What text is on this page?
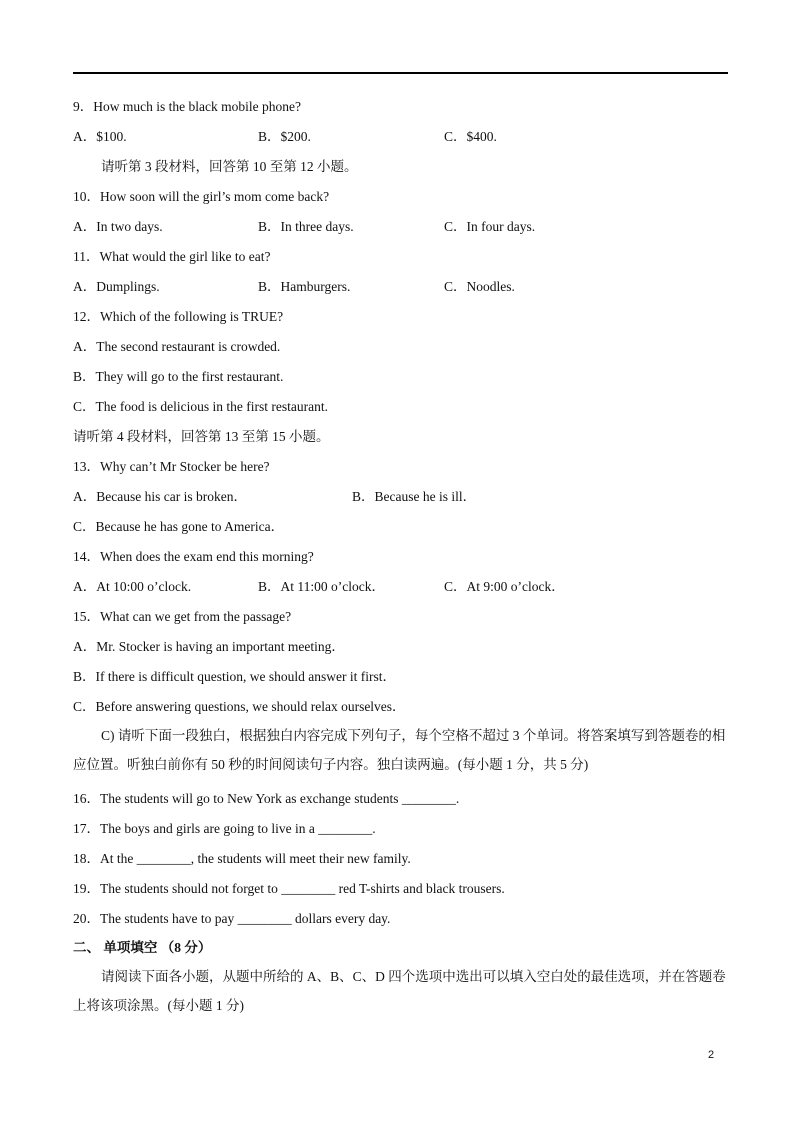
9．How much is the black mobile phone?
A．$100.	B．$200.	C．$400.
请听第 3 段材料，回答第 10 至第 12 小题。
10．How soon will the girl’s mom come back?
A．In two days.	B．In three days.	C．In four days.
11．What would the girl like to eat?
A．Dumplings.	B．Hamburgers.	C．Noodles.
12．Which of the following is TRUE?
A．The second restaurant is crowded.
B．They will go to the first restaurant.
C．The food is delicious in the first restaurant.
请听第 4 段材料，回答第 13 至第 15 小题。
13．Why can’t Mr Stocker be here?
A．Because his car is broken．	B．Because he is ill．
C．Because he has gone to America．
14．When does the exam end this morning?
A．At 10:00 o’clock.	B．At 11:00 o’clock．	C．At 9:00 o’clock．
15．What can we get from the passage?
A．Mr. Stocker is having an important meeting．
B．If there is difficult question, we should answer it first．
C．Before answering questions, we should relax ourselves．
C) 请听下面一段独白，根据独白内容完成下列句子，每个空格不超过 3 个单词。将答案填写到答题卷的相应位置。听独白前你有 50 秒的时间阅读句子内容。独白读两遍。(每小题 1 分，共 5 分)
16．The students will go to New York as exchange students ________.
17．The boys and girls are going to live in a ________.
18．At the ________, the students will meet their new family.
19．The students should not forget to ________ red T-shirts and black trousers.
20．The students have to pay ________ dollars every day.
二、 单项填空 （8 分）
请阅读下面各小题，从题中所给的 A、B、C、D 四个选项中选出可以填入空白处的最佳选项，并在答题卷上将该项涂黑。(每小题 1 分)
2
